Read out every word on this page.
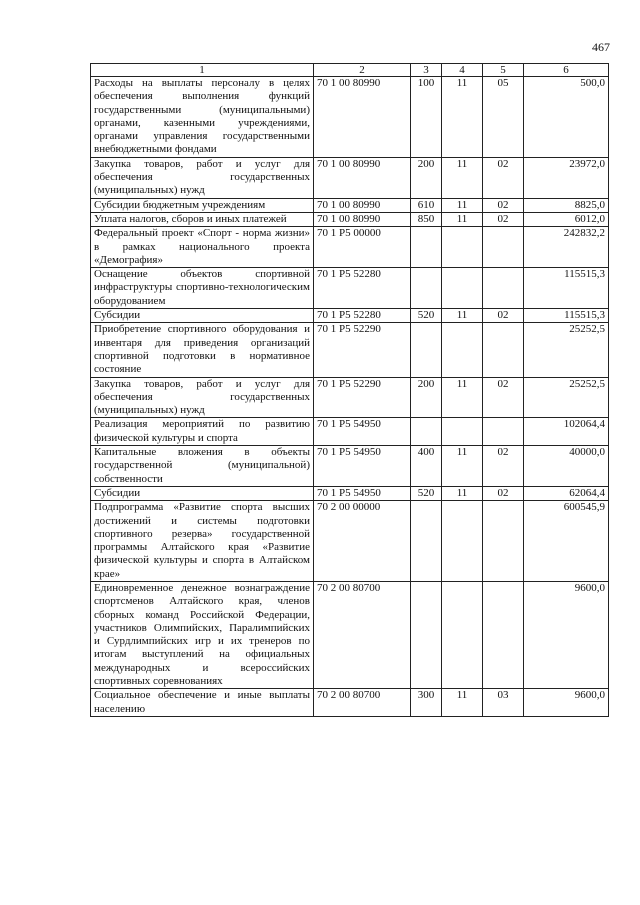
467
1	2	3	4	5	6
Расходы на выплаты персоналу в целях обеспечения выполнения функций государственными (муниципальными) органами, казенными учреждениями, органами управления государственными внебюджетными фондами	70 1 00 80990	100	11	05	500,0
Закупка товаров, работ и услуг для обеспечения государственных (муниципальных) нужд	70 1 00 80990	200	11	02	23972,0
Субсидии бюджетным учреждениям	70 1 00 80990	610	11	02	8825,0
Уплата налогов, сборов и иных платежей	70 1 00 80990	850	11	02	6012,0
Федеральный проект «Спорт - норма жизни» в рамках национального проекта «Демография»	70 1 P5 00000				242832,2
Оснащение объектов спортивной инфраструктуры спортивно-технологическим оборудованием	70 1 P5 52280				115515,3
Субсидии	70 1 P5 52280	520	11	02	115515,3
Приобретение спортивного оборудования и инвентаря для приведения организаций спортивной подготовки в нормативное состояние	70 1 P5 52290				25252,5
Закупка товаров, работ и услуг для обеспечения государственных (муниципальных) нужд	70 1 P5 52290	200	11	02	25252,5
Реализация мероприятий по развитию физической культуры и спорта	70 1 P5 54950				102064,4
Капитальные вложения в объекты государственной (муниципальной) собственности	70 1 P5 54950	400	11	02	40000,0
Субсидии	70 1 P5 54950	520	11	02	62064,4
Подпрограмма «Развитие спорта высших достижений и системы подготовки спортивного резерва» государственной программы Алтайского края «Развитие физической культуры и спорта в Алтайском крае»	70 2 00 00000				600545,9
Единовременное денежное вознаграждение спортсменов Алтайского края, членов сборных команд Российской Федерации, участников Олимпийских, Паралимпийских и Сурдлимпийских игр и их тренеров по итогам выступлений на официальных международных и всероссийских спортивных соревнованиях	70 2 00 80700				9600,0
Социальное обеспечение и иные выплаты населению	70 2 00 80700	300	11	03	9600,0
